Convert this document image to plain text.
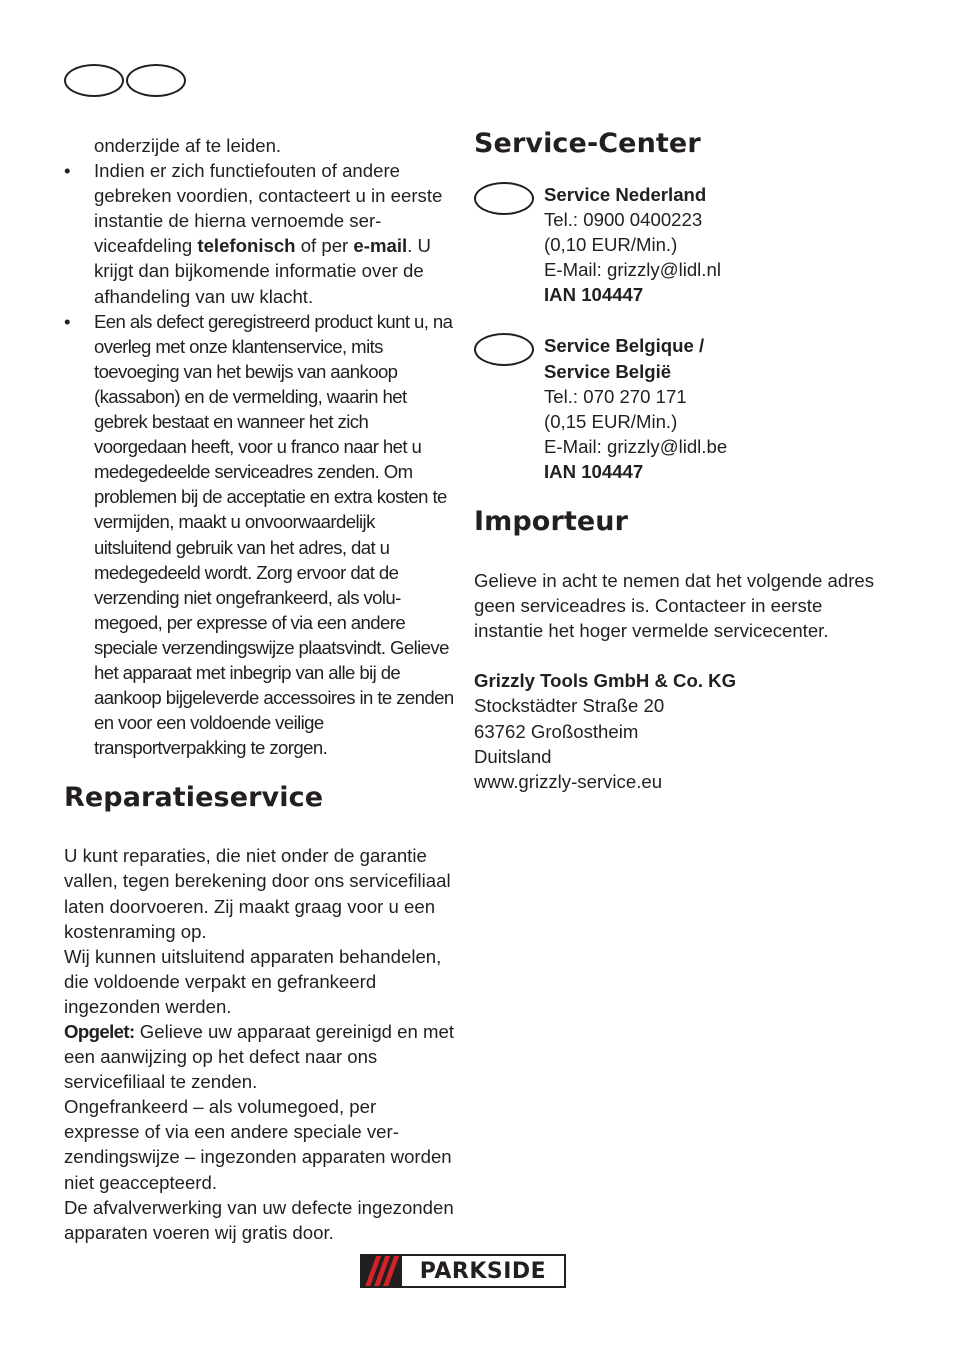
onderzijde af te leiden.

• Indien er zich functiefouten of andere gebreken voordien, contacteert u in eerste instantie de hierna vernoemde serviceafdeling telefonisch of per e-mail. U krijgt dan bijkomende informatie over de afhandeling van uw klacht.

• Een als defect geregistreerd product kunt u, na overleg met onze klantenservice, mits toevoeging van het bewijs van aankoop (kassabon) en de vermelding, waarin het gebrek bestaat en wanneer het zich voorgedaan heeft, voor u franco naar het u medegedeelde serviceadres zenden. Om problemen bij de acceptatie en extra kosten te vermijden, maakt u onvoorwaardelijk uitsluitend gebruik van het adres, dat u medegedeeld wordt. Zorg ervoor dat de verzending niet ongefrankeerd, als volumegoed, per expresse of via een andere speciale verzendingswijze plaatsvindt. Gelieve het apparaat met inbegrip van alle bij de aankoop bijgeleverde accessoires in te zenden en voor een voldoende veilige transportverpakking te zorgen.

Reparatieservice

U kunt reparaties, die niet onder de garantie vallen, tegen berekening door ons servicefiliaal laten doorvoeren. Zij maakt graag voor u een kostenraming op.

Wij kunnen uitsluitend apparaten behandelen, die voldoende verpakt en gefrankeerd ingezonden werden.

Opgelet: Gelieve uw apparaat gereinigd en met een aanwijzing op het defect naar ons servicefiliaal te zenden.

Ongefrankeerd – als volumegoed, per expresse of via een andere speciale verzendingswijze – ingezonden apparaten worden niet geaccepteerd.

De afvalverwerking van uw defecte ingezonden apparaten voeren wij gratis door.

Service-Center

Service Nederland

Tel.: 0900 0400223

(0,10 EUR/Min.)

E-Mail: grizzly@lidl.nl

IAN 104447

Service Belgique /

Service België

Tel.: 070 270 171

(0,15 EUR/Min.)

E-Mail: grizzly@lidl.be

IAN 104447

Importeur

Gelieve in acht te nemen dat het volgende adres geen serviceadres is. Contacteer in eerste instantie het hoger vermelde servicecenter.

Grizzly Tools GmbH & Co. KG

Stockstädter Straße 20

63762 Großostheim

Duitsland

www.grizzly-service.eu

PARKSIDE
